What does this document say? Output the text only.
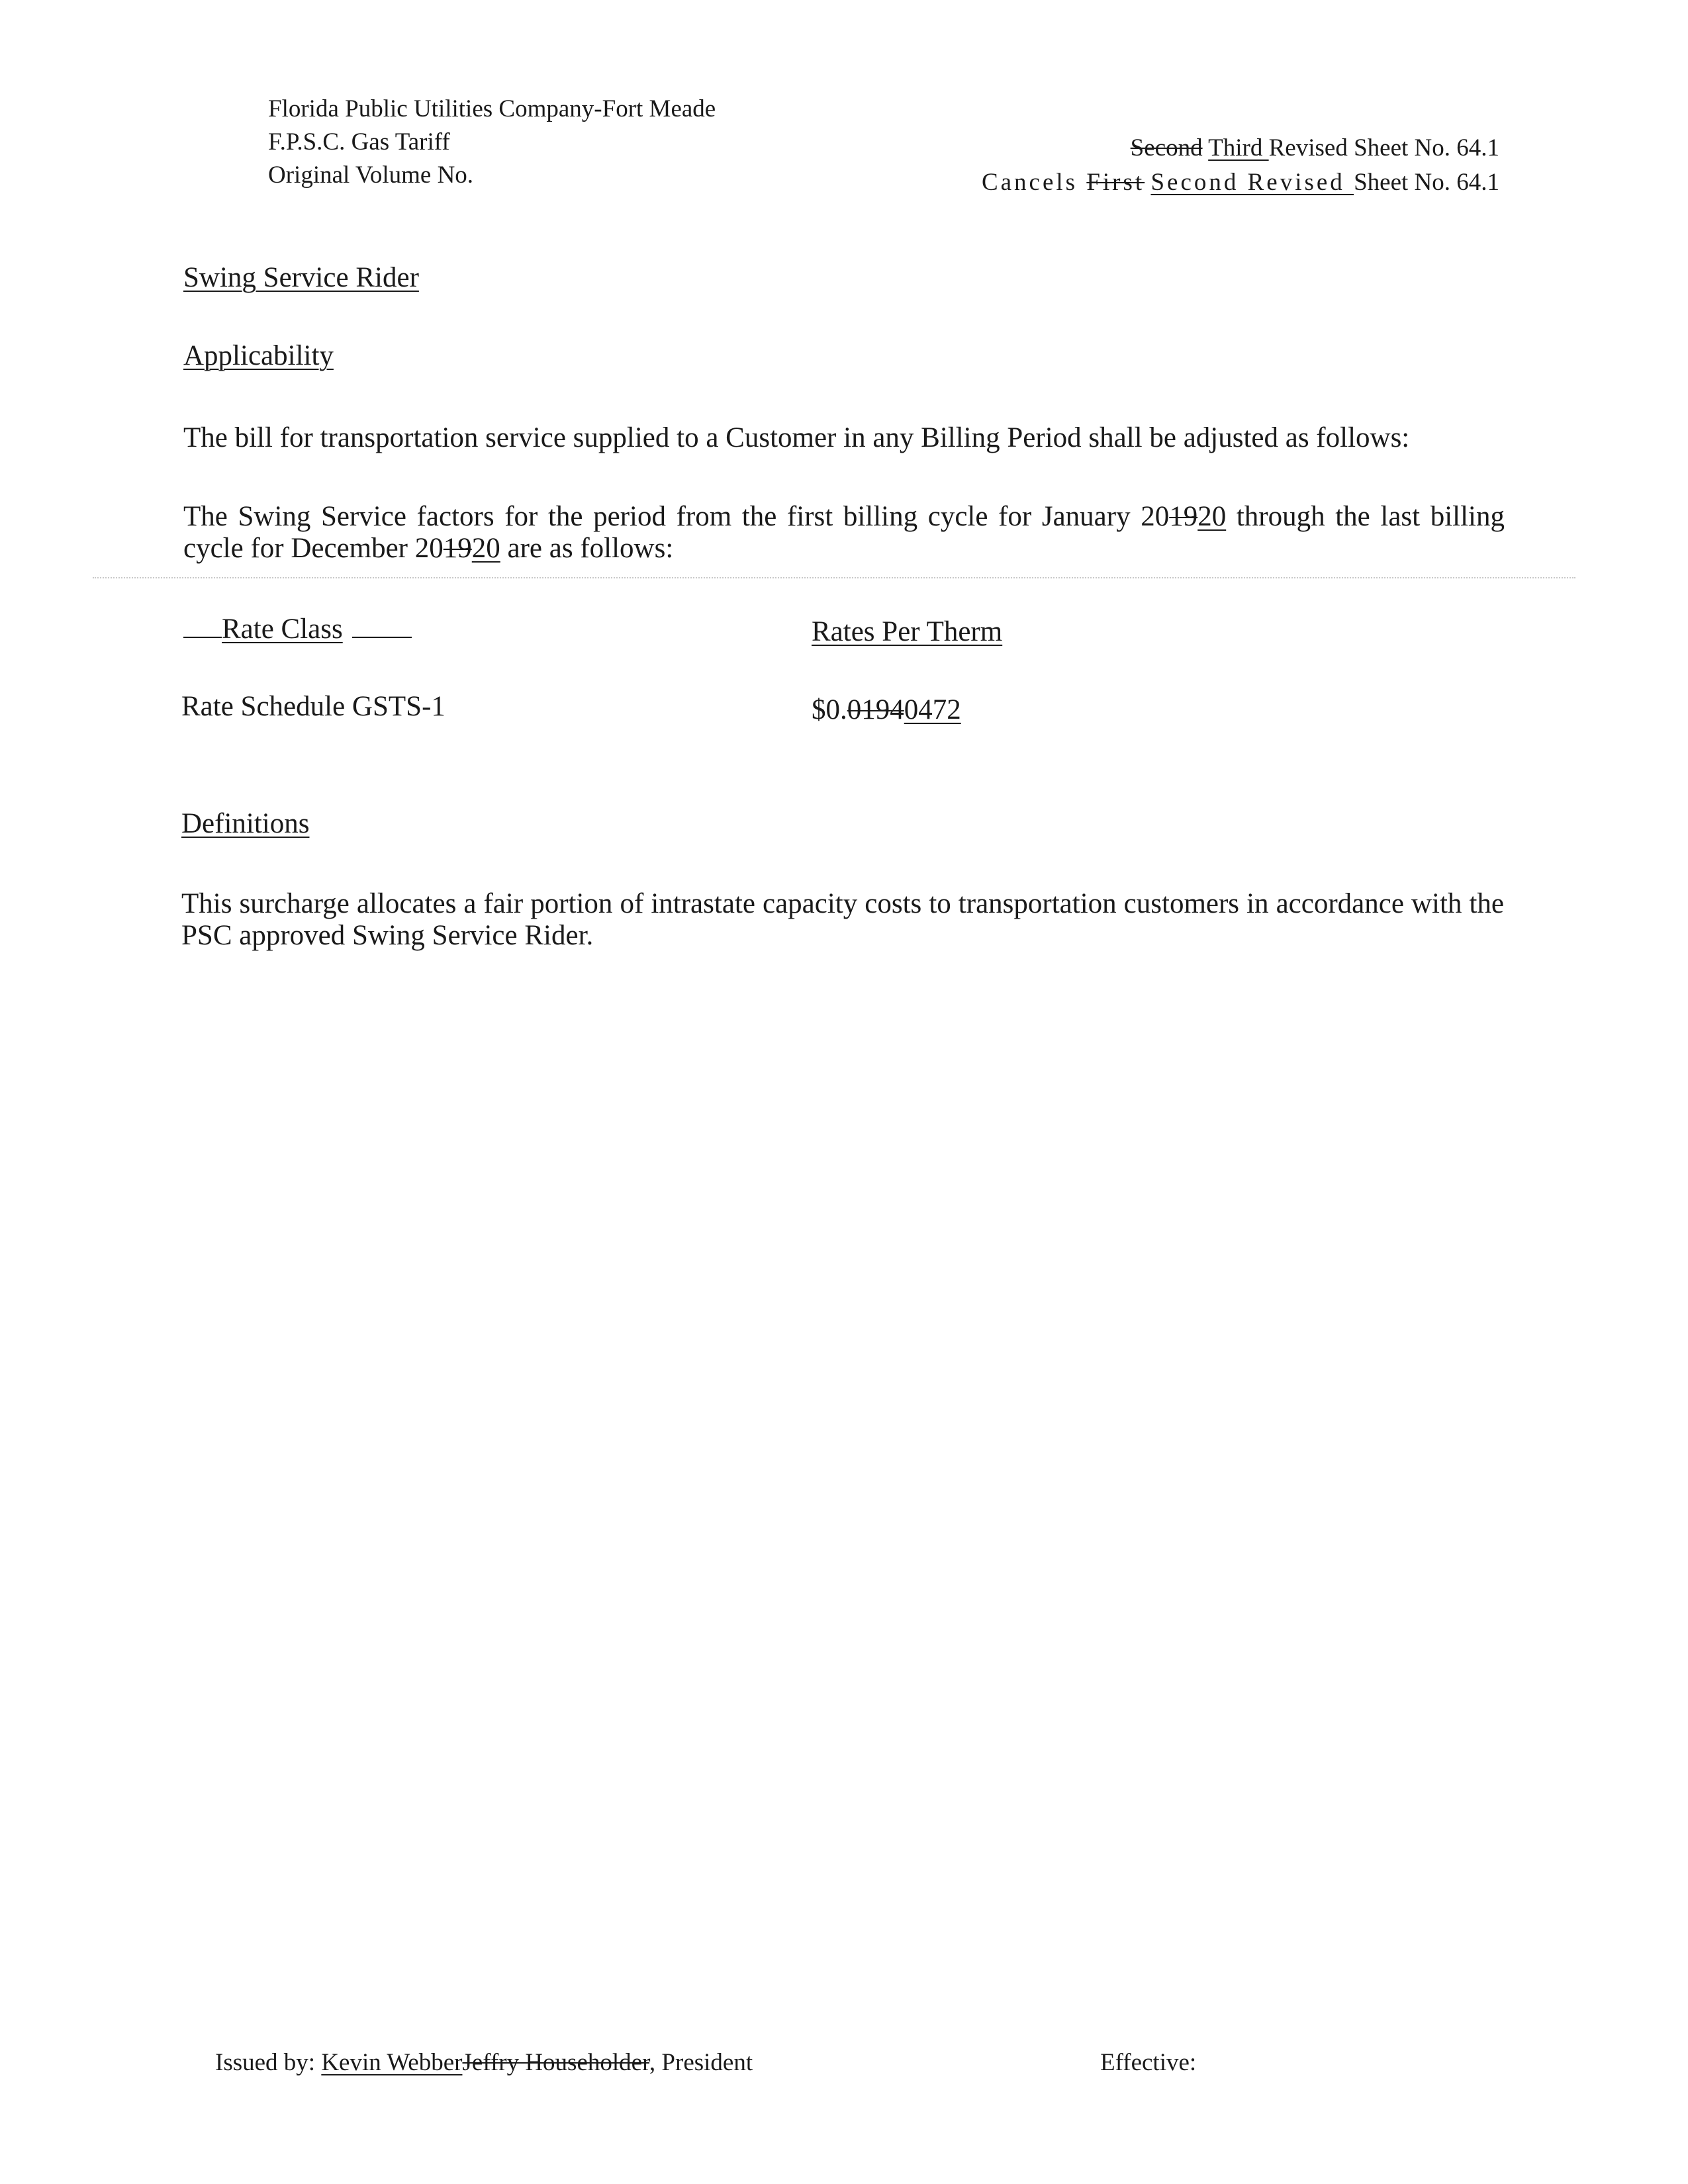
Florida Public Utilities Company-Fort Meade
F.P.S.C. Gas Tariff
Original Volume No.
Second Third Revised Sheet No. 64.1
Cancels First Second Revised Sheet No. 64.1
Swing Service Rider
Applicability
The bill for transportation service supplied to a Customer in any Billing Period shall be adjusted as follows:
The Swing Service factors for the period from the first billing cycle for January 201920 through the last billing cycle for December 201920 are as follows:
Rate Class	Rates Per Therm
Rate Schedule GSTS-1	$0.01940472
Definitions
This surcharge allocates a fair portion of intrastate capacity costs to transportation customers in accordance with the PSC approved Swing Service Rider.
Issued by: Kevin WebberJeffry Householder, President	Effective:
